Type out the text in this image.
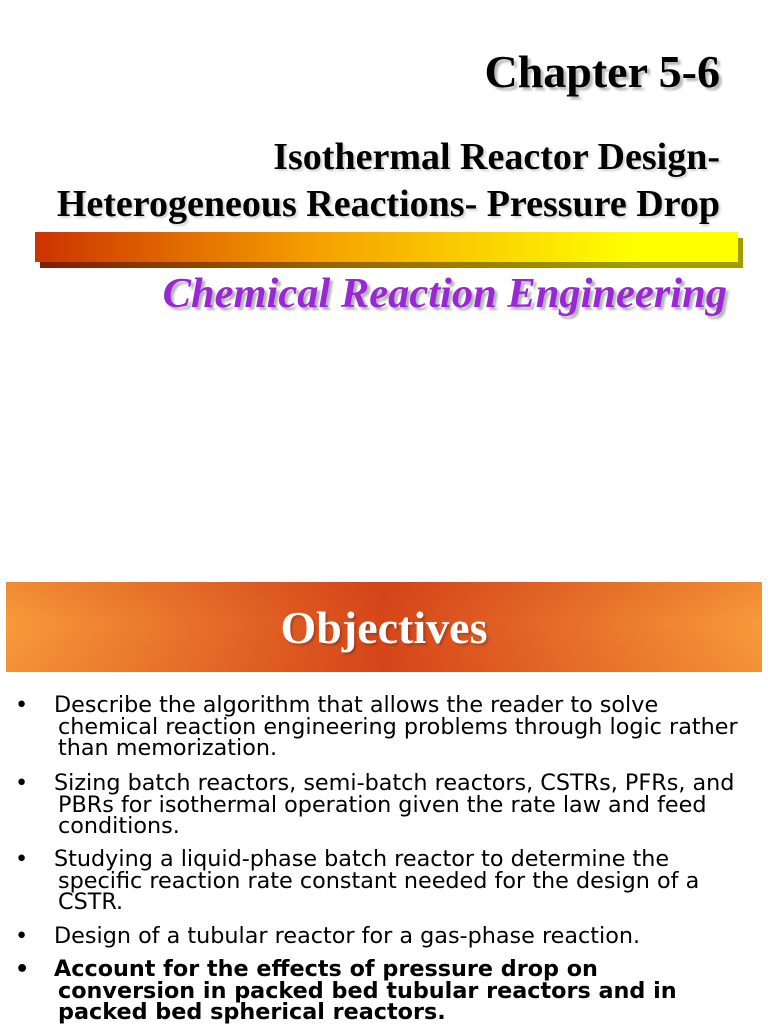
Chapter 5-6
Isothermal Reactor Design-
Heterogeneous Reactions- Pressure Drop
Chemical Reaction Engineering
Objectives
•	Describe the algorithm that allows the reader to solve
chemical reaction engineering problems through logic rather
than memorization.
•	Sizing batch reactors, semi-batch reactors, CSTRs, PFRs, and
PBRs for isothermal operation given the rate law and feed
conditions.
•	Studying a liquid-phase batch reactor to determine the
specific reaction rate constant needed for the design of a
CSTR.
•	Design of a tubular reactor for a gas-phase reaction.
•	Account for the effects of pressure drop on
conversion in packed bed tubular reactors and in
packed bed spherical reactors.
